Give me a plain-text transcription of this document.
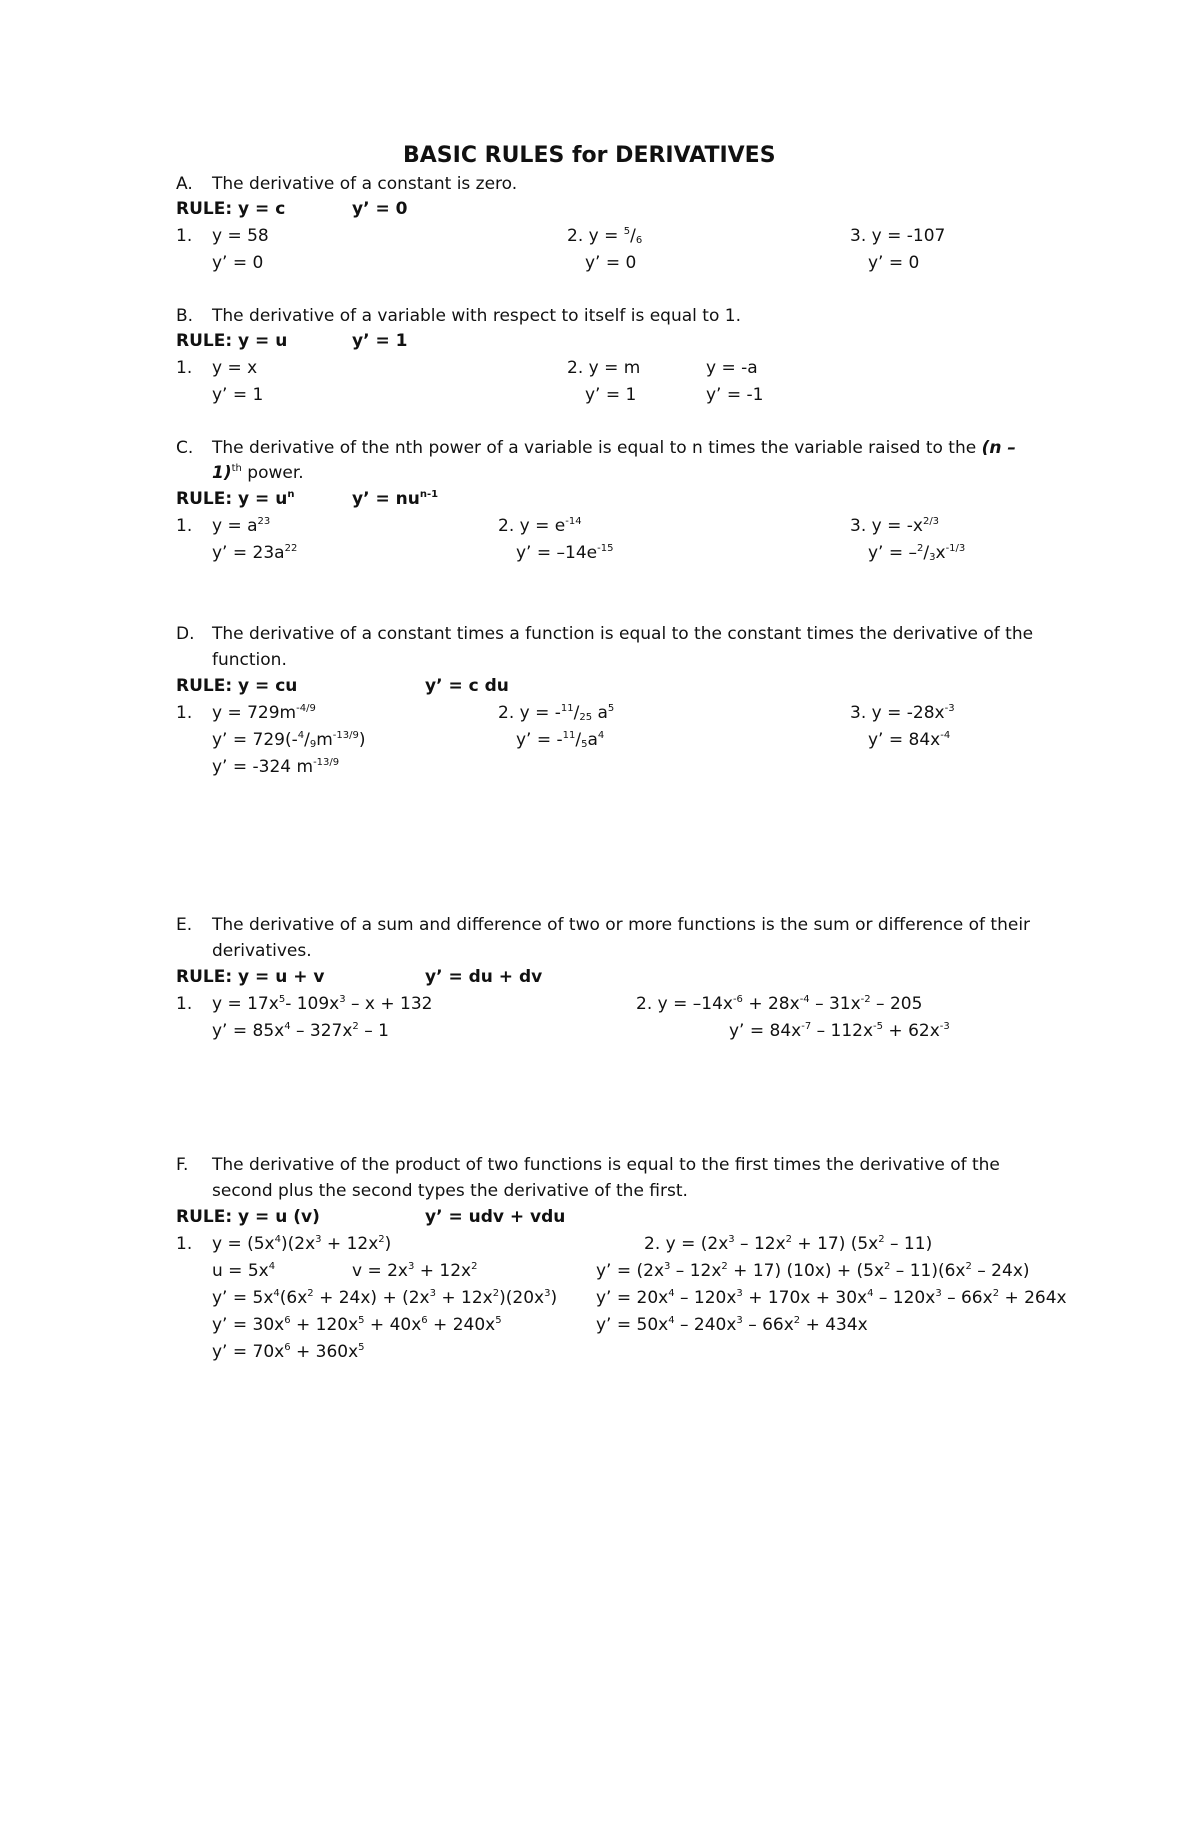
BASIC RULES for DERIVATIVES
A. The derivative of a constant is zero.
RULE: y = c	y’ = 0
1. y = 58
y’ = 0
2. $y = ^5/_6$
y’ = 0
3. y = -107
y’ = 0
B. The derivative of a variable with respect to itself is equal to 1.
RULE: y = u	y’ = 1
1. y = x
y’ = 1
2. y = m
y’ = 1
y = -a
y’ = -1
C. The derivative of the nth power of a variable is equal to n times the variable raised to the (n –
1)$^{th}$ power.
RULE: $y = u^n$	y’ = $nu^{n-1}$
1. $y = a^{23}$
y’ = $23a^{22}$
2. $y = e^{-14}$
y’ = $-14e^{-15}$
3. $y = -x^{2/3}$
y’ = $-^2/_3x^{-1/3}$
D. The derivative of a constant times a function is equal to the constant times the derivative of the
function.
RULE: y = cu	y’ = c du
1. $y = 729m^{-4/9}$
y’ = $729(-^4/_9m^{-13/9})$
y’ = -324 $m^{-13/9}$
2. $y = -^{11}/_{25}$ $a^5$
y’ = $-^{11}/_5a^4$
3. $y = -28x^{-3}$
y’ = $84x^{-4}$
E. The derivative of a sum and difference of two or more functions is the sum or difference of their
derivatives.
RULE: y = u + v	y’ = du + dv
1. $y = 17x^5-$ $109x^3 - x + 132$
y’ = $85x^4 - 327x^2 - 1$
2. $y = -14x^{-6} + 28x^{-4} - 31x^{-2} - 205$
y’ = $84x^{-7} - 112x^{-5} + 62x^{-3}$
F. The derivative of the product of two functions is equal to the first times the derivative of the
second plus the second types the derivative of the first.
RULE: y = u (v)	y’ = udv + vdu
1. $y = (5x^4)(2x^3 + 12x^2)$
$u = 5x^4$	$v = 2x^3 + 12x^2$
y’ = $5x^4(6x^2 + 24x) + (2x^3 + 12x^2)(20x^3)$
y’ = $30x^6 + 120x^5 + 40x^6 + 240x^5$
y’ = $70x^6 + 360x^5$
2. $y = (2x^3 - 12x^2 + 17)$ $(5x^2 - 11)$
y’ = $(2x^3 - 12x^2 + 17) (10x) + (5x^2 - 11)(6x^2 - 24x)$
y’ = $20x^4 - 120x^3 + 170x + 30x^4 - 120x^3 - 66x^2 + 264x$
y’ = $50x^4 - 240x^3 - 66x^2 + 434x$
